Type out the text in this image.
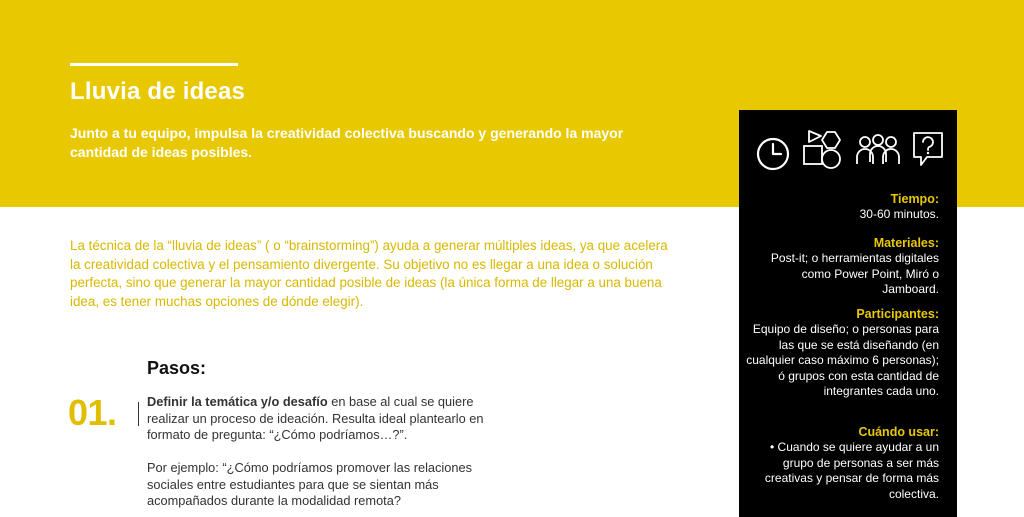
Lluvia de ideas

Junto a tu equipo, impulsa la creatividad colectiva buscando y generando la mayor cantidad de ideas posibles.

La técnica de la “lluvia de ideas” ( o “brainstorming”) ayuda a generar múltiples ideas, ya que acelera la creatividad colectiva y el pensamiento divergente. Su objetivo no es llegar a una idea o solución perfecta, sino que generar la mayor cantidad posible de ideas (la única forma de llegar a una buena idea, es tener muchas opciones de dónde elegir).

Pasos:
01. Definir la temática y/o desafío en base al cual se quiere realizar un proceso de ideación. Resulta ideal plantearlo en formato de pregunta: “¿Cómo podríamos…?”.

Por ejemplo: “¿Cómo podríamos promover las relaciones sociales entre estudiantes para que se sientan más acompañados durante la modalidad remota?

Tiempo:
30-60 minutos.
Materiales:
Post-it; o herramientas digitales como Power Point, Miró o Jamboard.
Participantes:
Equipo de diseño; o personas para las que se está diseñando (en cualquier caso máximo 6 personas); ó grupos con esta cantidad de integrantes cada uno.
Cuándo usar:
• Cuando se quiere ayudar a un grupo de personas a ser más creativas y pensar de forma más colectiva.
